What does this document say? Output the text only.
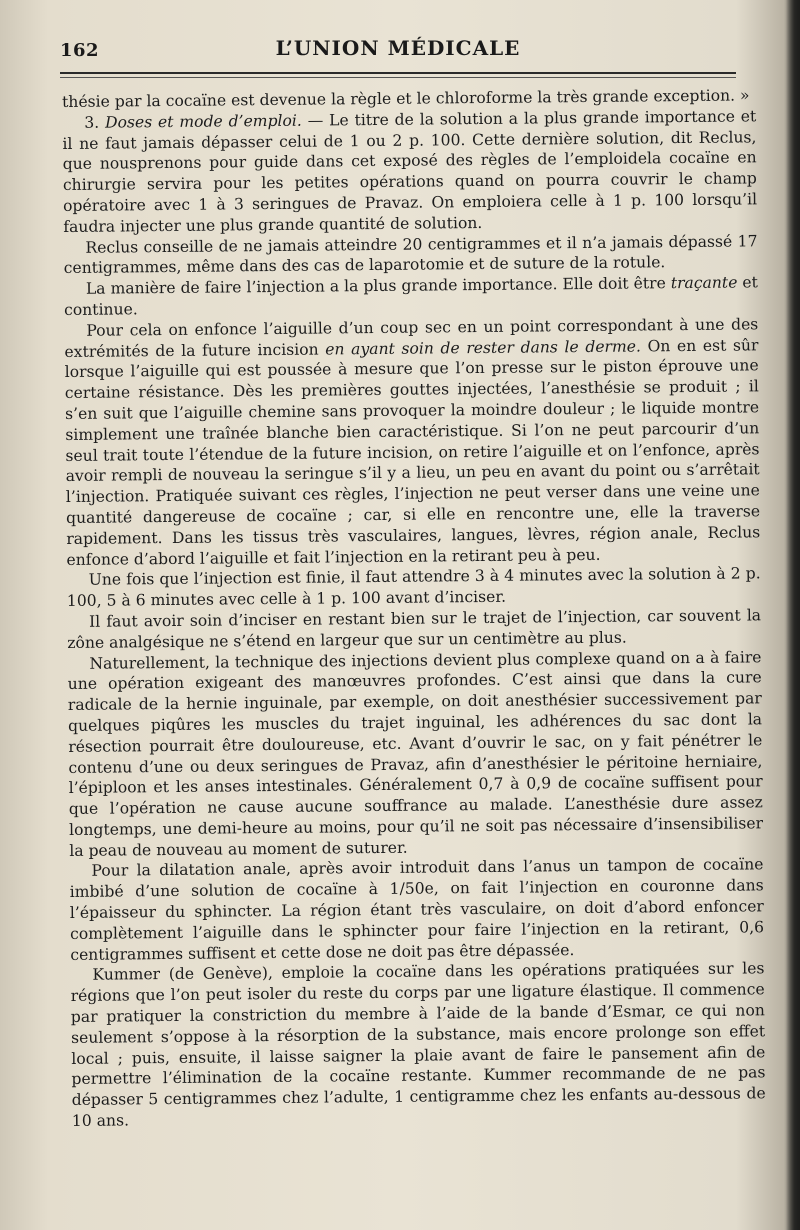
162	L’UNION MÉDICALE

thésie par la cocaïne est devenue la règle et le chloroforme la très grande exception. »

3. Doses et mode d’emploi. — Le titre de la solution a la plus grande importance et il ne faut jamais dépasser celui de 1 ou 2 p. 100. Cette dernière solution, dit Reclus, que nousprenons pour guide dans cet exposé des règles de l’emploidela cocaïne en chirurgie servira pour les petites opérations quand on pourra couvrir le champ opératoire avec 1 à 3 seringues de Pravaz. On emploiera celle à 1 p. 100 lorsqu’il faudra injecter une plus grande quantité de solution.

Reclus conseille de ne jamais atteindre 20 centigrammes et il n’a jamais dépassé 17 centigrammes, même dans des cas de laparotomie et de suture de la rotule.

La manière de faire l’injection a la plus grande importance. Elle doit être traçante et continue.

Pour cela on enfonce l’aiguille d’un coup sec en un point correspondant à une des extrémités de la future incision en ayant soin de rester dans le derme. On en est sûr lorsque l’aiguille qui est poussée à mesure que l’on presse sur le piston éprouve une certaine résistance. Dès les premières gouttes injectées, l’anesthésie se produit ; il s’en suit que l’aiguille chemine sans provoquer la moindre douleur ; le liquide montre simplement une traînée blanche bien caractéristique. Si l’on ne peut parcourir d’un seul trait toute l’étendue de la future incision, on retire l’aiguille et on l’enfonce, après avoir rempli de nouveau la seringue s’il y a lieu, un peu en avant du point ou s’arrêtait l’injection. Pratiquée suivant ces règles, l’injection ne peut verser dans une veine une quantité dangereuse de cocaïne ; car, si elle en rencontre une, elle la traverse rapidement. Dans les tissus très vasculaires, langues, lèvres, région anale, Reclus enfonce d’abord l’aiguille et fait l’injection en la retirant peu à peu.

Une fois que l’injection est finie, il faut attendre 3 à 4 minutes avec la solution à 2 p. 100, 5 à 6 minutes avec celle à 1 p. 100 avant d’inciser.

Il faut avoir soin d’inciser en restant bien sur le trajet de l’injection, car souvent la zône analgésique ne s’étend en largeur que sur un centimètre au plus.

Naturellement, la technique des injections devient plus complexe quand on a à faire une opération exigeant des manœuvres profondes. C’est ainsi que dans la cure radicale de la hernie inguinale, par exemple, on doit anesthésier successivement par quelques piqûres les muscles du trajet inguinal, les adhérences du sac dont la résection pourrait être douloureuse, etc. Avant d’ouvrir le sac, on y fait pénétrer le contenu d’une ou deux seringues de Pravaz, afin d’anesthésier le péritoine herniaire, l’épiploon et les anses intestinales. Généralement 0,7 à 0,9 de cocaïne suffisent pour que l’opération ne cause aucune souffrance au malade. L’anesthésie dure assez longtemps, une demi-heure au moins, pour qu’il ne soit pas nécessaire d’insensibiliser la peau de nouveau au moment de suturer.

Pour la dilatation anale, après avoir introduit dans l’anus un tampon de cocaïne imbibé d’une solution de cocaïne à 1/50e, on fait l’injection en couronne dans l’épaisseur du sphincter. La région étant très vasculaire, on doit d’abord enfoncer complètement l’aiguille dans le sphincter pour faire l’injection en la retirant, 0,6 centigrammes suffisent et cette dose ne doit pas être dépassée.

Kummer (de Genève), emploie la cocaïne dans les opérations pratiquées sur les régions que l’on peut isoler du reste du corps par une ligature élastique. Il commence par pratiquer la constriction du membre à l’aide de la bande d’Esmar, ce qui non seulement s’oppose à la résorption de la substance, mais encore prolonge son effet local ; puis, ensuite, il laisse saigner la plaie avant de faire le pansement afin de permettre l’élimination de la cocaïne restante. Kummer recommande de ne pas dépasser 5 centigrammes chez l’adulte, 1 centigramme chez les enfants au-dessous de 10 ans.
